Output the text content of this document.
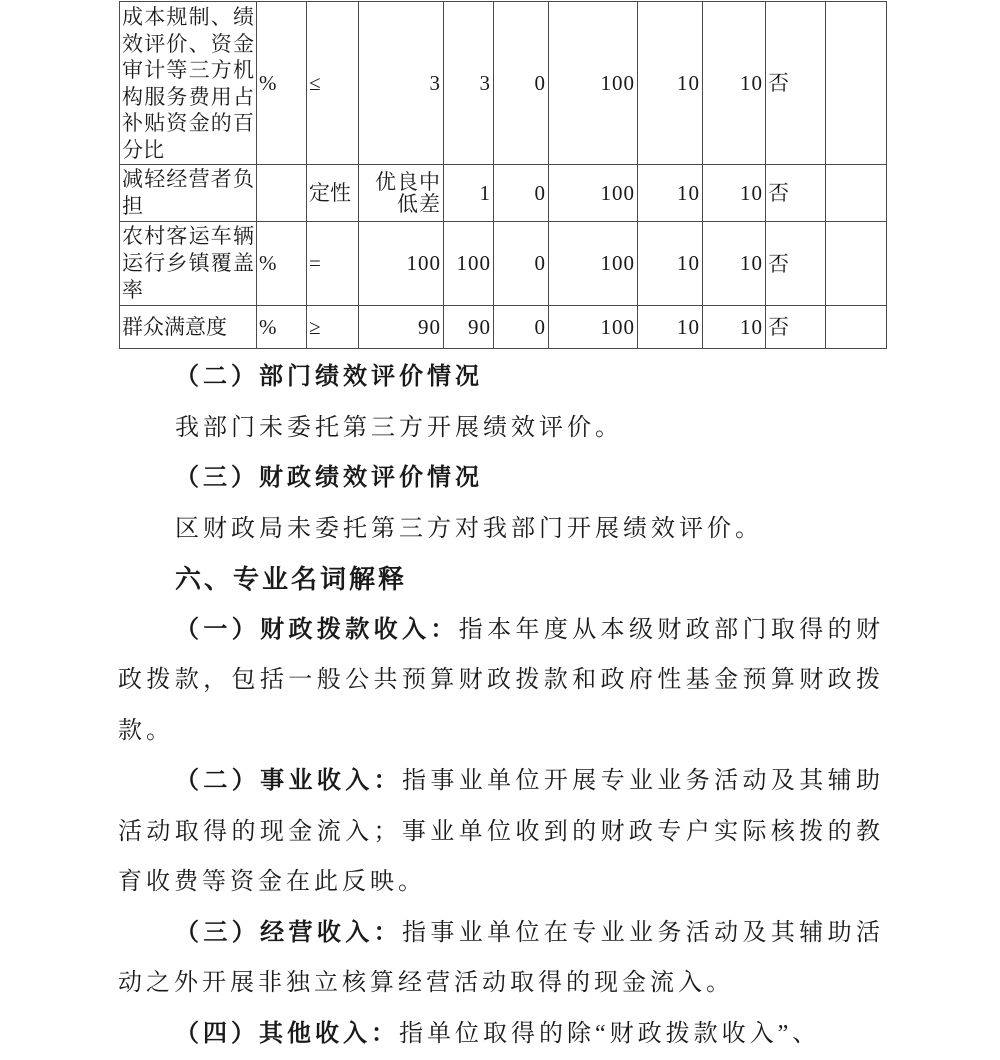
成本规制、绩效评价、资金审计等三方机构服务费用占补贴资金的百分比	%	≤	3	3	0	100	10	10	否	
减轻经营者负担		定性	优良中低差	1	0	100	10	10	否	
农村客运车辆运行乡镇覆盖率	%	=	100	100	0	100	10	10	否	
群众满意度	%	≥	90	90	0	100	10	10	否	

（二）部门绩效评价情况

我部门未委托第三方开展绩效评价。

（三）财政绩效评价情况

区财政局未委托第三方对我部门开展绩效评价。

六、专业名词解释

（一）财政拨款收入：指本年度从本级财政部门取得的财政拨款，包括一般公共预算财政拨款和政府性基金预算财政拨款。

（二）事业收入：指事业单位开展专业业务活动及其辅助活动取得的现金流入；事业单位收到的财政专户实际核拨的教育收费等资金在此反映。

（三）经营收入：指事业单位在专业业务活动及其辅助活动之外开展非独立核算经营活动取得的现金流入。

（四）其他收入：指单位取得的除“财政拨款收入”、
